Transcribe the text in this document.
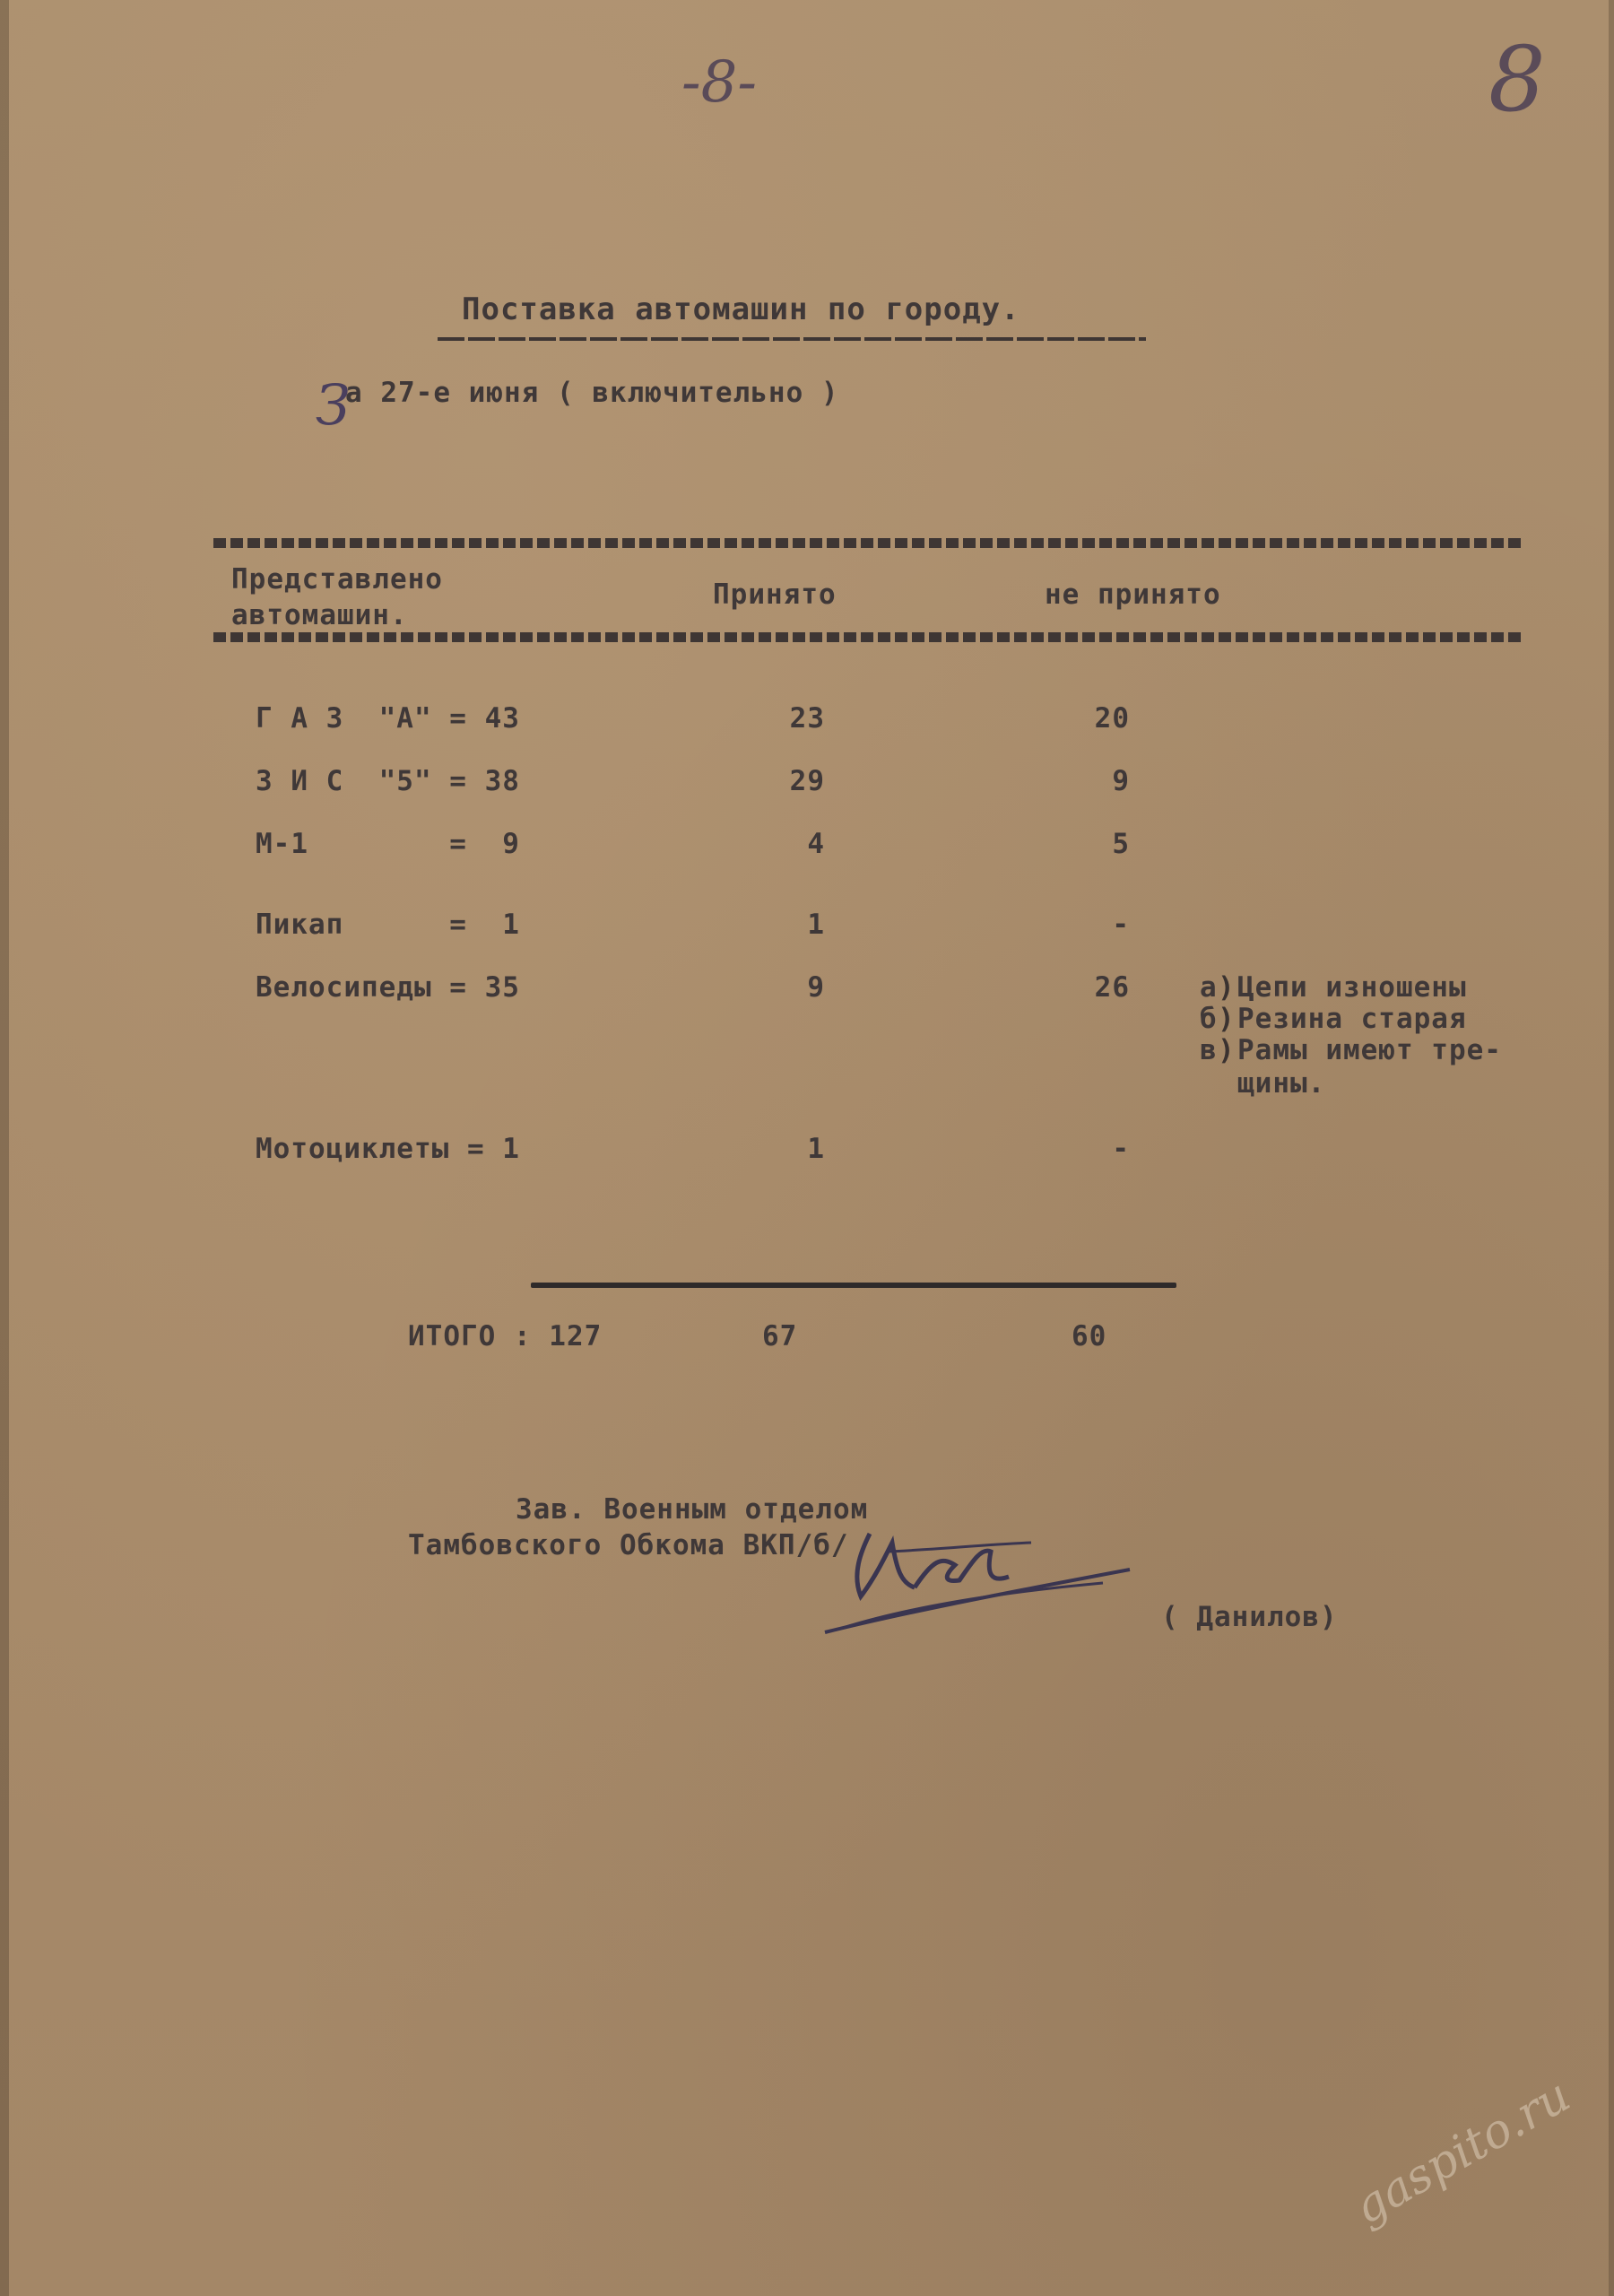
-8-	8
Поставка автомашин по городу.
З
а 27-е июня ( включительно )
Представлено
автомашин.
Принято	не принято
Г А З  "А" = 43	23	20
З И С  "5" = 38	29	9
М-1        =  9	4	5
Пикап      =  1	1	-
Велосипеды = 35	9	26	а ) Цепи изношены
б ) Резина старая
в ) Рамы имеют тре-
щины.
Мотоциклеты = 1	1	-
ИТОГО : 127	67	60
Зав. Военным отделом
Тамбовского Обкома ВКП/б/
( Данилов)
gaspito.ru
